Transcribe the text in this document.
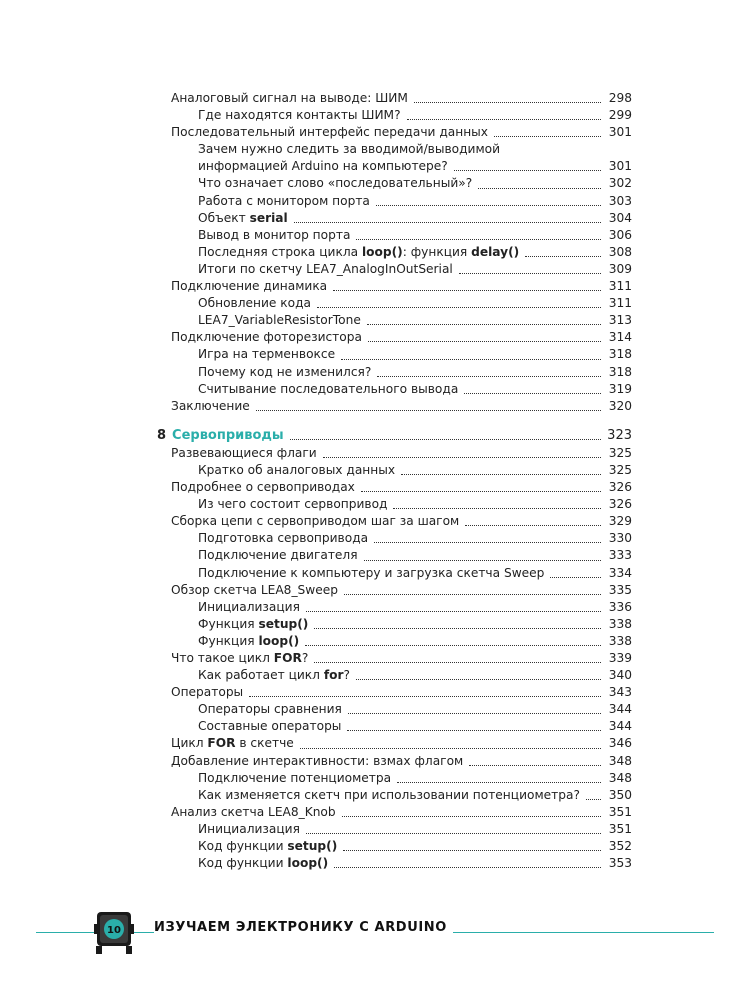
Аналоговый сигнал на выводе: ШИМ	298
Где находятся контакты ШИМ?	299
Последовательный интерфейс передачи данных	301
Зачем нужно следить за вводимой/выводимой
информацией Arduino на компьютере?	301
Что означает слово «последовательный»?	302
Работа с монитором порта	303
Объект serial	304
Вывод в монитор порта	306
Последняя строка цикла loop(): функция delay()	308
Итоги по скетчу LEA7_AnalogInOutSerial	309
Подключение динамика	311
Обновление кода	311
LEA7_VariableResistorTone	313
Подключение фоторезистора	314
Игра на терменвоксе	318
Почему код не изменился?	318
Считывание последовательного вывода	319
Заключение	320
8 Сервоприводы	323
Развевающиеся флаги	325
Кратко об аналоговых данных	325
Подробнее о сервоприводах	326
Из чего состоит сервопривод	326
Сборка цепи с сервоприводом шаг за шагом	329
Подготовка сервопривода	330
Подключение двигателя	333
Подключение к компьютеру и загрузка скетча Sweep	334
Обзор скетча LEA8_Sweep	335
Инициализация	336
Функция setup()	338
Функция loop()	338
Что такое цикл FOR?	339
Как работает цикл for?	340
Операторы	343
Операторы сравнения	344
Составные операторы	344
Цикл FOR в скетче	346
Добавление интерактивности: взмах флагом	348
Подключение потенциометра	348
Как изменяется скетч при использовании потенциометра? 350
Анализ скетча LEA8_Knob	351
Инициализация	351
Код функции setup()	352
Код функции loop()	353
10	ИЗУЧАЕМ ЭЛЕКТРОНИКУ С ARDUINO
